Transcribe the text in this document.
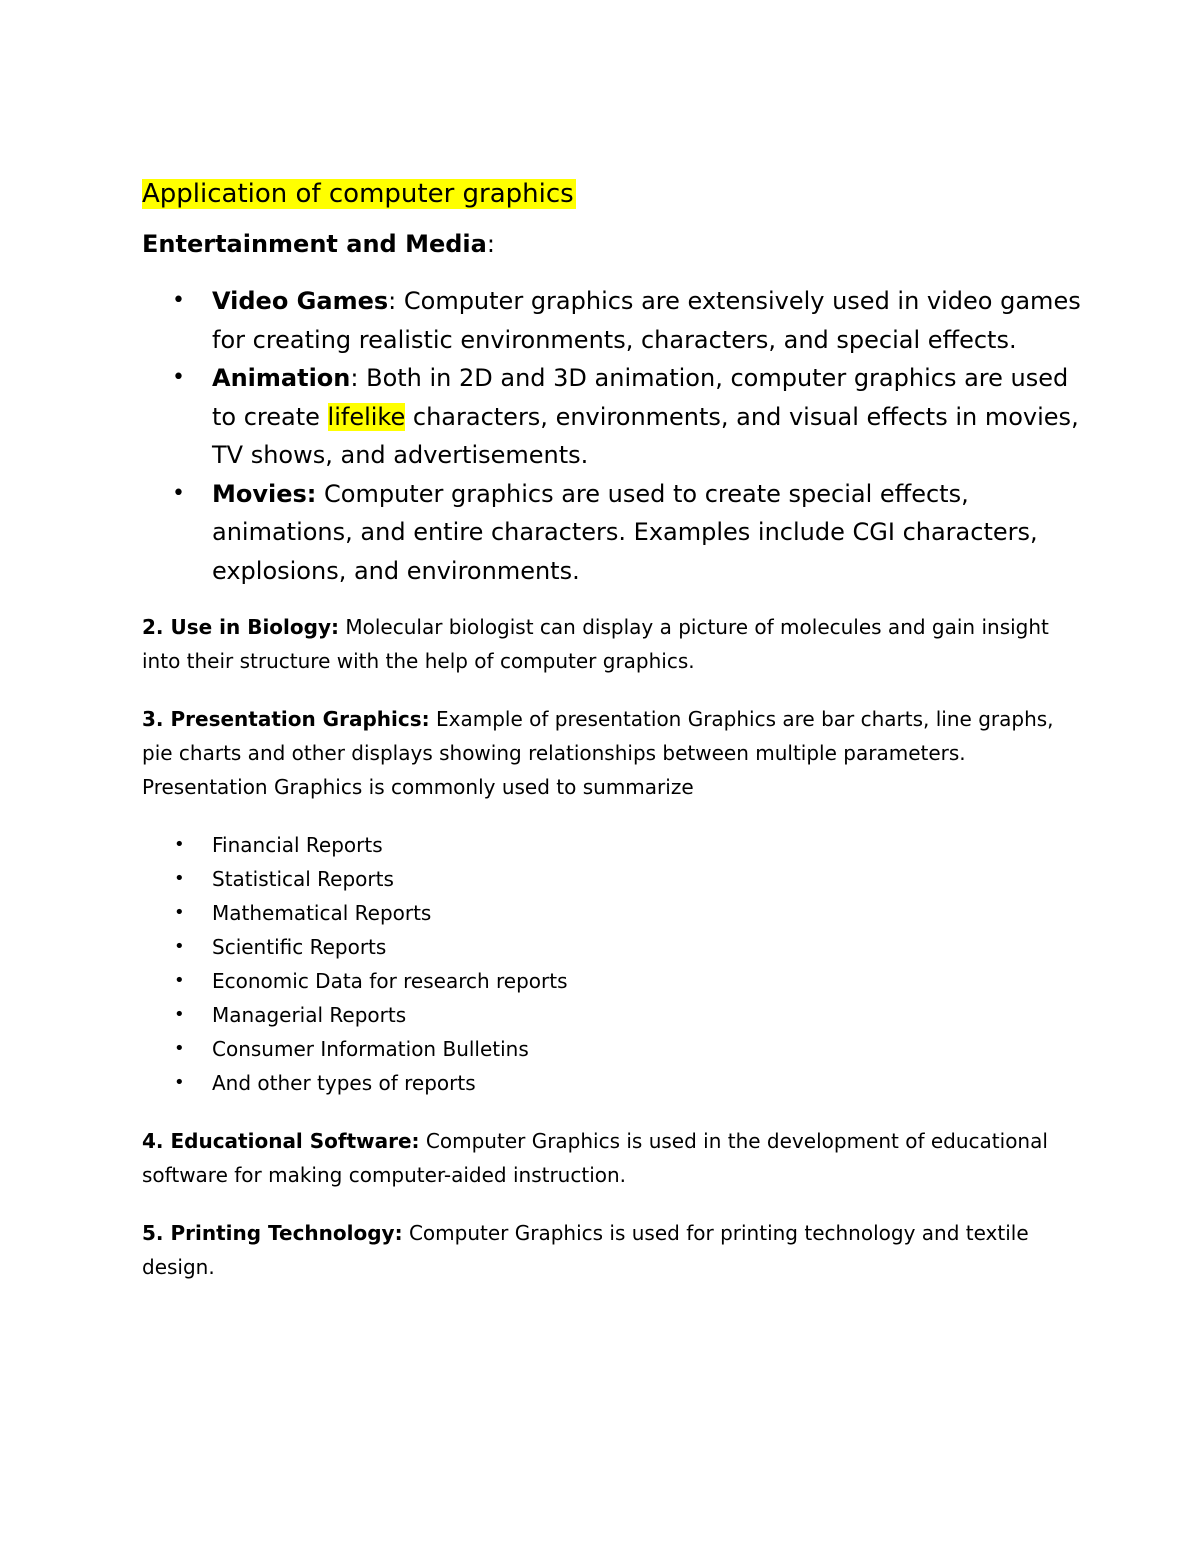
Application of computer graphics
Entertainment and Media:
• Video Games: Computer graphics are extensively used in video games for creating realistic environments, characters, and special effects.
• Animation: Both in 2D and 3D animation, computer graphics are used to create lifelike characters, environments, and visual effects in movies, TV shows, and advertisements.
• Movies: Computer graphics are used to create special effects, animations, and entire characters. Examples include CGI characters, explosions, and environments.

2. Use in Biology: Molecular biologist can display a picture of molecules and gain insight into their structure with the help of computer graphics.

3. Presentation Graphics: Example of presentation Graphics are bar charts, line graphs, pie charts and other displays showing relationships between multiple parameters. Presentation Graphics is commonly used to summarize

• Financial Reports
• Statistical Reports
• Mathematical Reports
• Scientific Reports
• Economic Data for research reports
• Managerial Reports
• Consumer Information Bulletins
• And other types of reports

4. Educational Software: Computer Graphics is used in the development of educational software for making computer-aided instruction.

5. Printing Technology: Computer Graphics is used for printing technology and textile design.
